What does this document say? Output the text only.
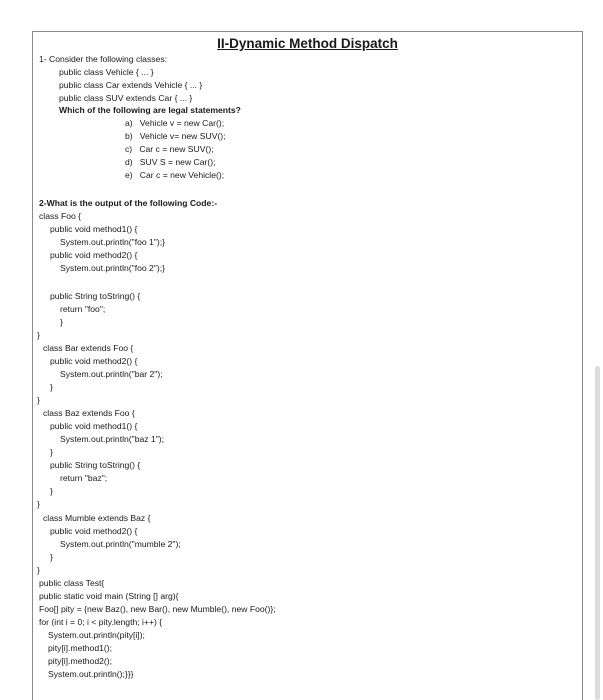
II-Dynamic Method Dispatch
1- Consider the following classes:
public class Vehicle { ... }
public class Car extends Vehicle { ... }
public class SUV extends Car { ... }
Which of the following are legal statements?
a)   Vehicle v = new Car();
b)   Vehicle v= new SUV();
c)   Car c = new SUV();
d)   SUV S = new Car();
e)   Car c = new Vehicle();
2-What is the output of the following Code:-
class Foo {
public void method1() {
System.out.println("foo 1");}
public void method2() {
System.out.println("foo 2");}
public String toString() {
return "foo";
}
}
class Bar extends Foo {
public void method2() {
System.out.println("bar 2");
}
}
class Baz extends Foo {
public void method1() {
System.out.println("baz 1");
}
public String toString() {
return "baz";
}
}
class Mumble extends Baz {
public void method2() {
System.out.println("mumble 2");
}
}
public class Test{
public static void main (String [] arg){
Foo[] pity = {new Baz(), new Bar(), new Mumble(), new Foo()};
for (int i = 0; i < pity.length; i++) {
System.out.println(pity[i]);
pity[i].method1();
pity[i].method2();
System.out.println();}}}
